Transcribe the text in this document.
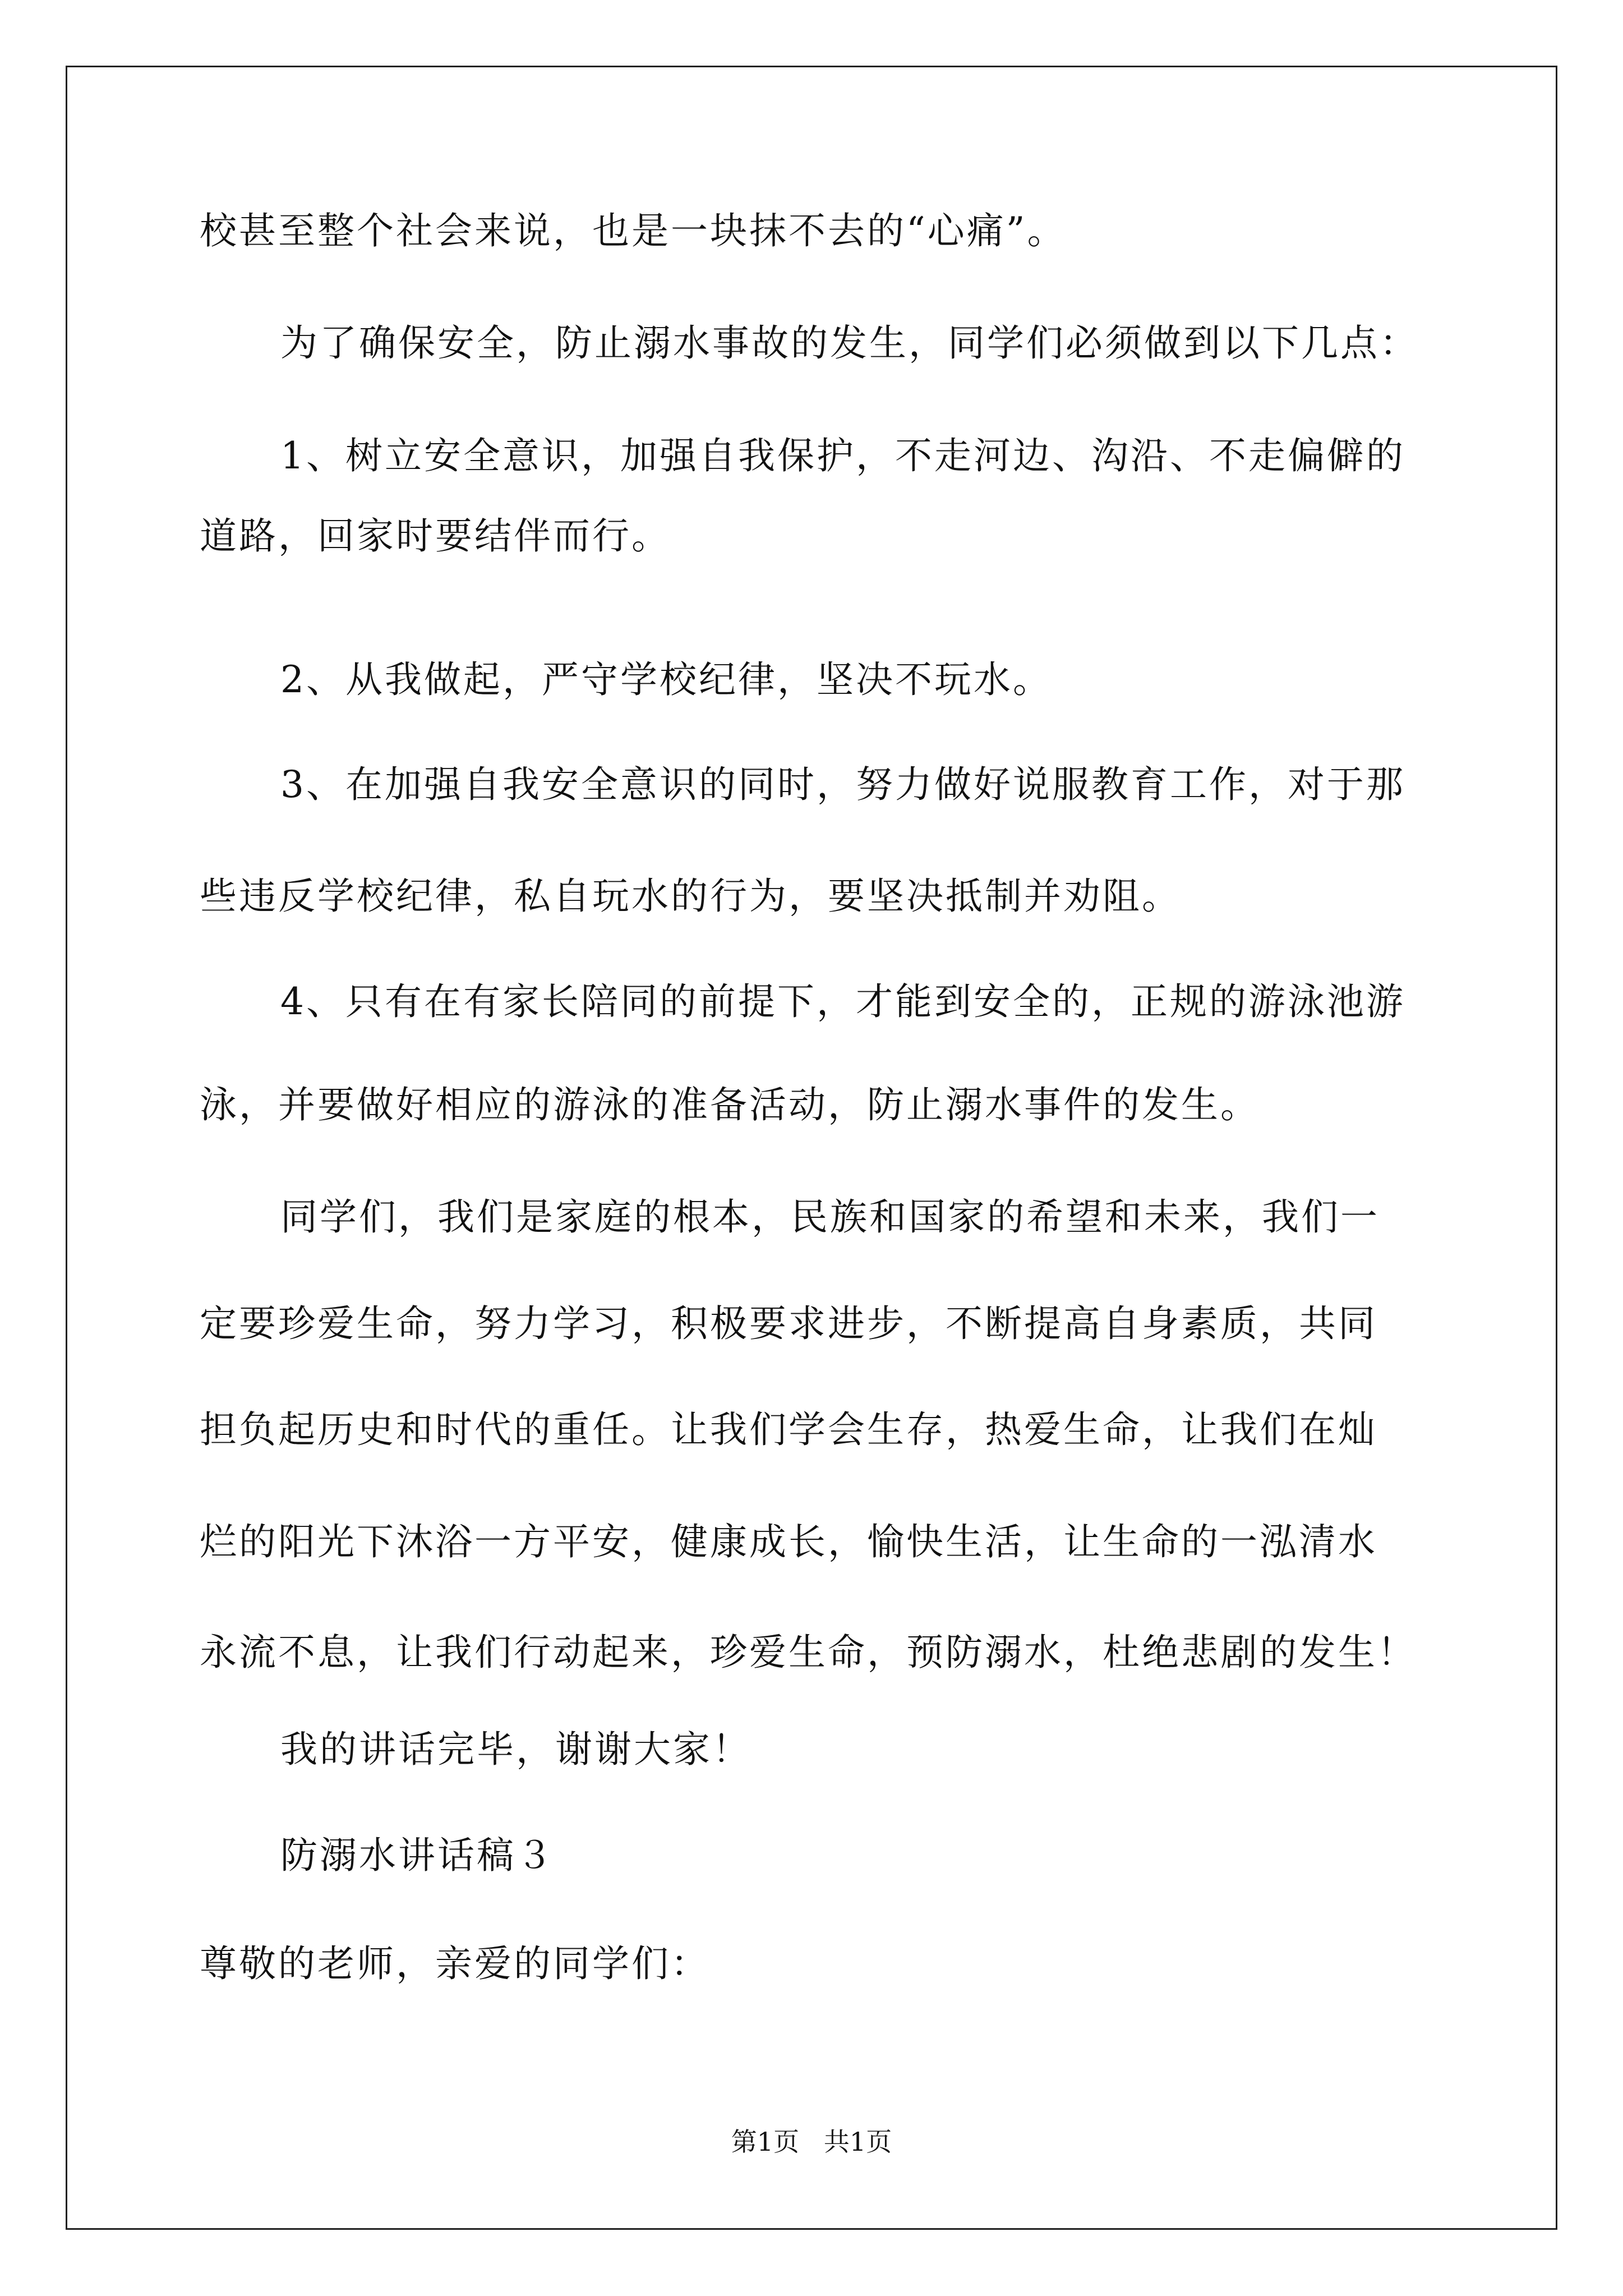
校甚至整个社会来说，也是一块抹不去的“心痛”。

为了确保安全，防止溺水事故的发生，同学们必须做到以下几点：

1、树立安全意识，加强自我保护，不走河边、沟沿、不走偏僻的

道路，回家时要结伴而行。

2、从我做起，严守学校纪律，坚决不玩水。

3、在加强自我安全意识的同时，努力做好说服教育工作，对于那

些违反学校纪律，私自玩水的行为，要坚决抵制并劝阻。

4、只有在有家长陪同的前提下，才能到安全的，正规的游泳池游

泳，并要做好相应的游泳的准备活动，防止溺水事件的发生。

同学们，我们是家庭的根本，民族和国家的希望和未来，我们一

定要珍爱生命，努力学习，积极要求进步，不断提高自身素质，共同

担负起历史和时代的重任。让我们学会生存，热爱生命，让我们在灿

烂的阳光下沐浴一方平安，健康成长，愉快生活，让生命的一泓清水

永流不息，让我们行动起来，珍爱生命，预防溺水，杜绝悲剧的发生！

我的讲话完毕，谢谢大家！

防溺水讲话稿３

尊敬的老师，亲爱的同学们：

第1页   共1页
